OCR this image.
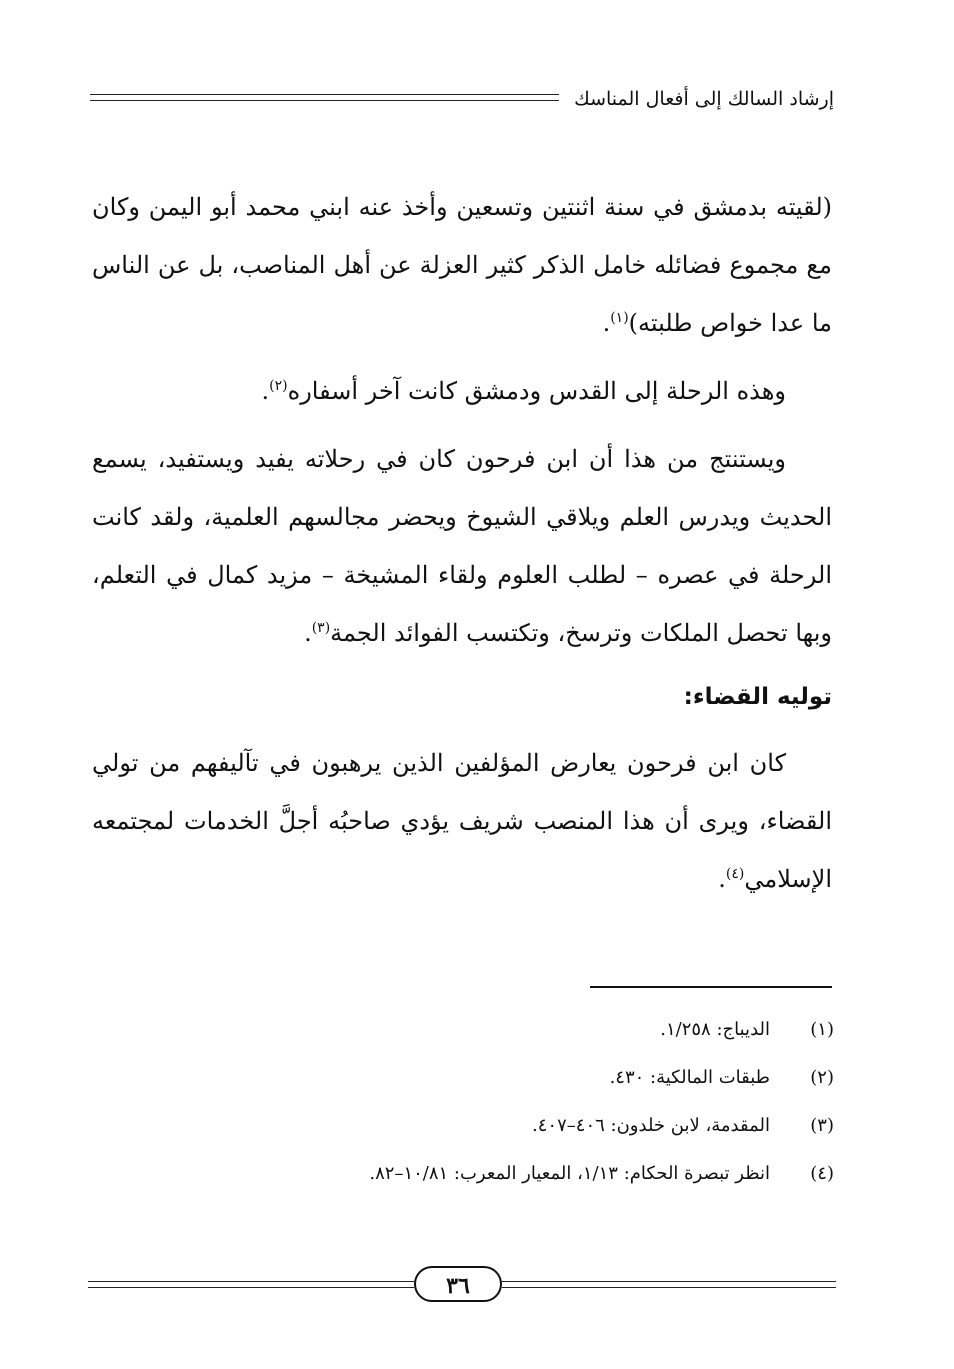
إرشاد السالك إلى أفعال المناسك

(لقيته بدمشق في سنة اثنتين وتسعين وأخذ عنه ابني محمد أبو اليمن وكان مع مجموع فضائله خامل الذكر كثير العزلة عن أهل المناصب، بل عن الناس ما عدا خواص طلبته)$^{(١)}$.

وهذه الرحلة إلى القدس ودمشق كانت آخر أسفاره$^{(٢)}$.

ويستنتج من هذا أن ابن فرحون كان في رحلاته يفيد ويستفيد، يسمع الحديث ويدرس العلم ويلاقي الشيوخ ويحضر مجالسهم العلمية، ولقد كانت الرحلة في عصره – لطلب العلوم ولقاء المشيخة – مزيد كمال في التعلم، وبها تحصل الملكات وترسخ، وتكتسب الفوائد الجمة$^{(٣)}$.

توليه القضاء:

كان ابن فرحون يعارض المؤلفين الذين يرهبون في تآليفهم من تولي القضاء، ويرى أن هذا المنصب شريف يؤدي صاحبُه أجلَّ الخدمات لمجتمعه الإسلامي$^{(٤)}$.

(١)
الديباج: ١/٢٥٨.
(٢)
طبقات المالكية: ٤٣٠.
(٣)
المقدمة، لابن خلدون: ٤٠٦–٤٠٧.
(٤)
انظر تبصرة الحكام: ١/١٣، المعيار المعرب: ١٠/٨١–٨٢.
٣٦
